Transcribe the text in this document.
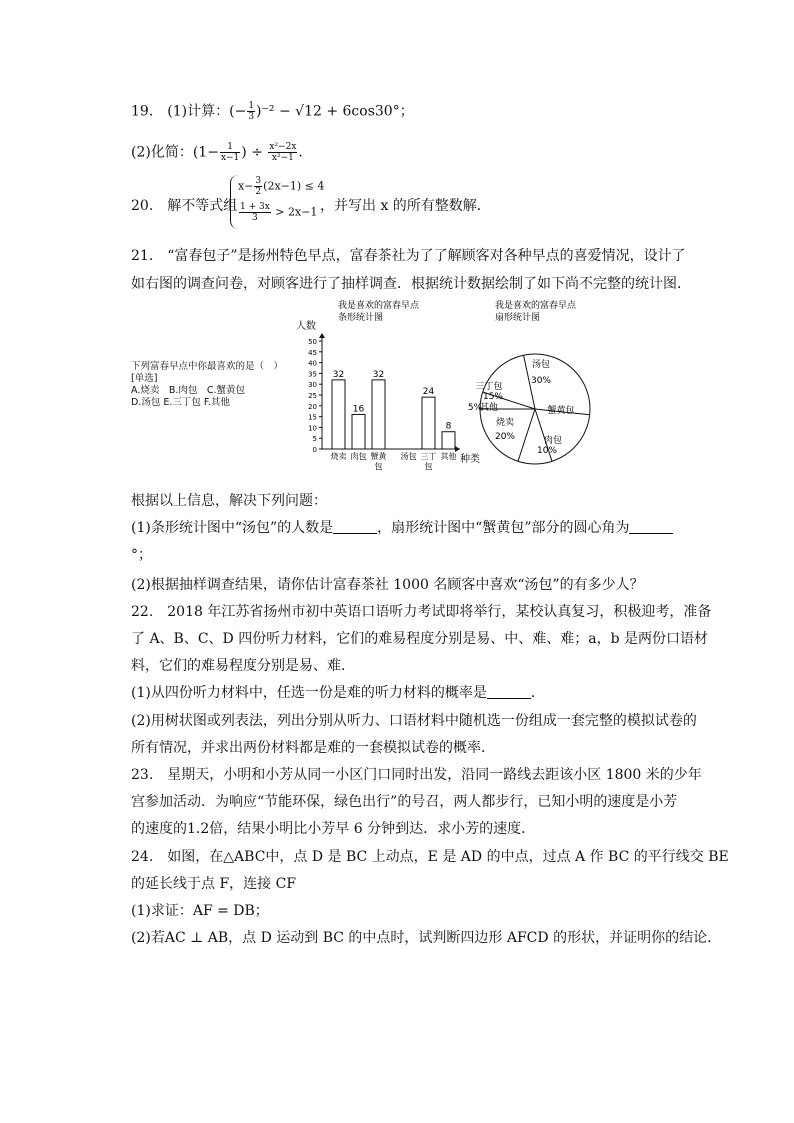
19.　(1)计算：(− $\frac{1}{3} )^{-2} - √12 + 6\cos 30^\circ$；
(2)化简：($1- \frac{1}{x-1}$ ) ÷ $\frac{\text{x²−2x}}{\text{x²−1}}$ .
20.　解不等式组
$x- \frac{3}{2} (2x-1) \le 4$
$\frac{1 + 3x}{3} > 2x-1$ ，并写出 x 的所有整数解．
21.　“富春包子”是扬州特色早点，富春茶社为了了解顾客对各种早点的喜爱情况，设计了
如右图的调查问卷，对顾客进行了抽样调查．根据统计数据绘制了如下尚不完整的统计图．
下列富春早点中你最喜欢的是（　）
[单选]
A.烧卖　B.肉包　C.蟹黄包
D.汤包 E.三丁包 F.其他
我是喜欢的富春早点
条形统计图
人数
种类
0
5
10
15
20
25
30
35
40
45
50
32
烧卖
16
肉包
32
蟹黄
包
汤包
24
三丁
包
8
其他
我是喜欢的富春早点
扇形统计图
汤包
30%
蟹黄包
肉包
10%
烧卖
20%
其他
5%
三丁包
15%
根据以上信息，解决下列问题：
(1)条形统计图中“汤包”的人数是	，扇形统计图中“蟹黄包”部分的圆心角为
°；
(2)根据抽样调查结果，请你估计富春茶社 1000 名顾客中喜欢“汤包”的有多少人？
22.　2018 年江苏省扬州市初中英语口语听力考试即将举行，某校认真复习，积极迎考，准备
了 A、B、C、D 四份听力材料，它们的难易程度分别是易、中、难、难；a，b 是两份口语材
料，它们的难易程度分别是易、难．
(1)从四份听力材料中，任选一份是难的听力材料的概率是	．
(2)用树状图或列表法，列出分别从听力、口语材料中随机选一份组成一套完整的模拟试卷的
所有情况，并求出两份材料都是难的一套模拟试卷的概率．
23.　星期天，小明和小芳从同一小区门口同时出发，沿同一路线去距该小区 1800 米的少年
宫参加活动．为响应“节能环保，绿色出行”的号召，两人都步行，已知小明的速度是小芳
的速度的1.2倍，结果小明比小芳早 6 分钟到达．求小芳的速度．
24.　如图，在△ABC中，点 D 是 BC 上动点，E 是 AD 的中点，过点 A 作 BC 的平行线交 BE
的延长线于点 F，连接 CF
(1)求证：AF = DB；
(2)若AC ⊥ AB，点 D 运动到 BC 的中点时，试判断四边形 AFCD 的形状，并证明你的结论．
